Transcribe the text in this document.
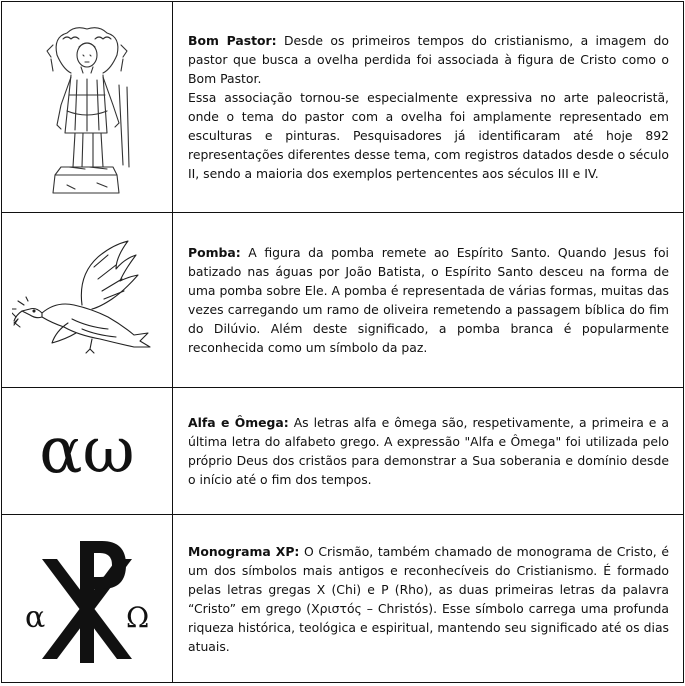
Bom Pastor: Desde os primeiros tempos do cristianismo, a imagem do pastor que busca a ovelha perdida foi associada à figura de Cristo como o Bom Pastor.

Essa associação tornou-se especialmente expressiva no arte paleocristã, onde o tema do pastor com a ovelha foi amplamente representado em esculturas e pinturas. Pesquisadores já identificaram até hoje 892 representações diferentes desse tema, com registros datados desde o século II, sendo a maioria dos exemplos pertencentes aos séculos III e IV.

Pomba: A figura da pomba remete ao Espírito Santo. Quando Jesus foi batizado nas águas por João Batista, o Espírito Santo desceu na forma de uma pomba sobre Ele. A pomba é representada de várias formas, muitas das vezes carregando um ramo de oliveira remetendo a passagem bíblica do fim do Dilúvio. Além deste significado, a pomba branca é popularmente reconhecida como um símbolo da paz.

αω	Alfa e Ômega: As letras alfa e ômega são, respetivamente, a primeira e a última letra do alfabeto grego. A expressão "Alfa e Ômega" foi utilizada pelo próprio Deus dos cristãos para demonstrar a Sua soberania e domínio desde o início até o fim dos tempos.

α Ω	Monograma XP: O Crismão, também chamado de monograma de Cristo, é um dos símbolos mais antigos e reconhecíveis do Cristianismo. É formado pelas letras gregas X (Chi) e P (Rho), as duas primeiras letras da palavra “Cristo” em grego (Χριστός – Christós). Esse símbolo carrega uma profunda riqueza histórica, teológica e espiritual, mantendo seu significado até os dias atuais.
